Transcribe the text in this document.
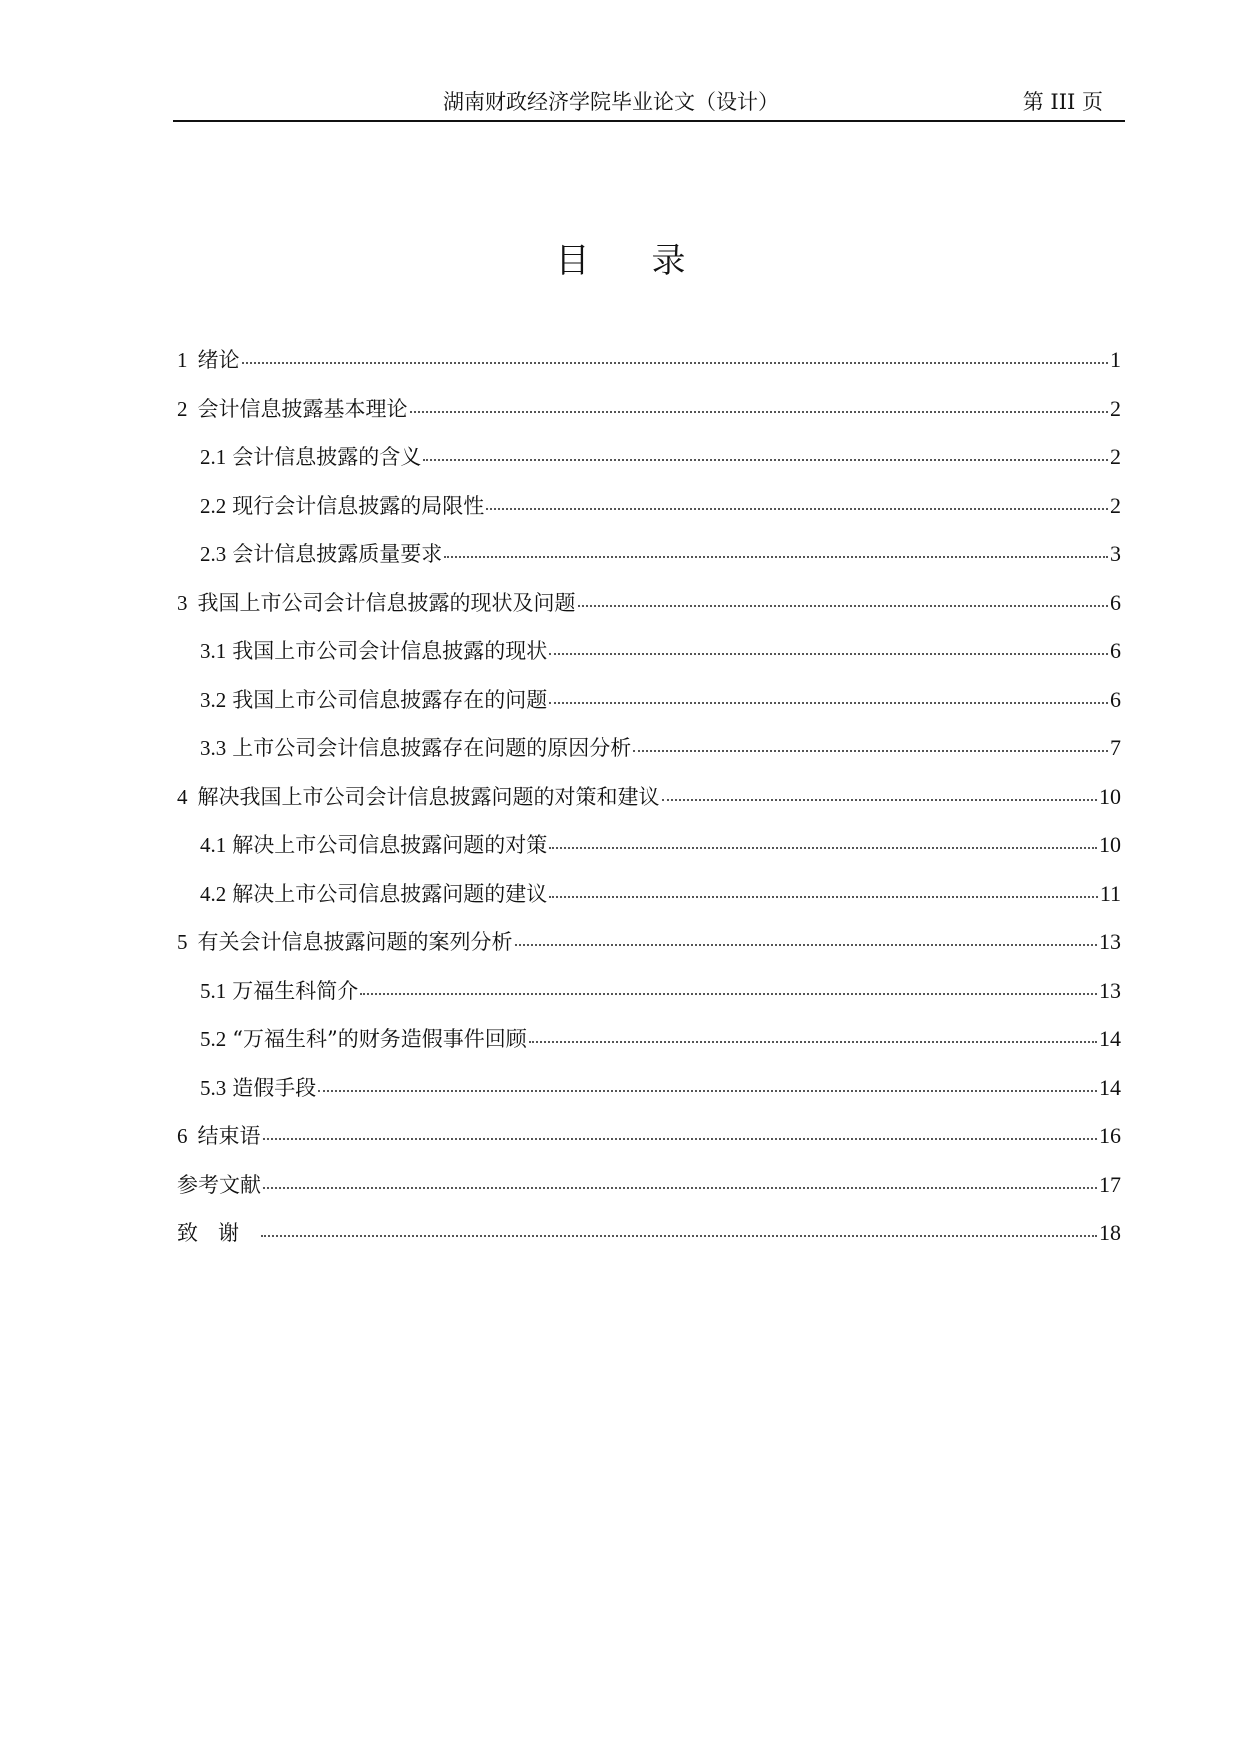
湖南财政经济学院毕业论文（设计）	第 III 页
目录
1 绪论	1
2 会计信息披露基本理论	2
2.1 会计信息披露的含义	2
2.2 现行会计信息披露的局限性	2
2.3 会计信息披露质量要求	3
3 我国上市公司会计信息披露的现状及问题	6
3.1 我国上市公司会计信息披露的现状	6
3.2 我国上市公司信息披露存在的问题	6
3.3 上市公司会计信息披露存在问题的原因分析	7
4 解决我国上市公司会计信息披露问题的对策和建议	10
4.1 解决上市公司信息披露问题的对策	10
4.2 解决上市公司信息披露问题的建议	11
5 有关会计信息披露问题的案列分析	13
5.1 万福生科简介	13
5.2 “万福生科”的财务造假事件回顾	14
5.3 造假手段	14
6 结束语	16
参考文献	17
致谢	18
